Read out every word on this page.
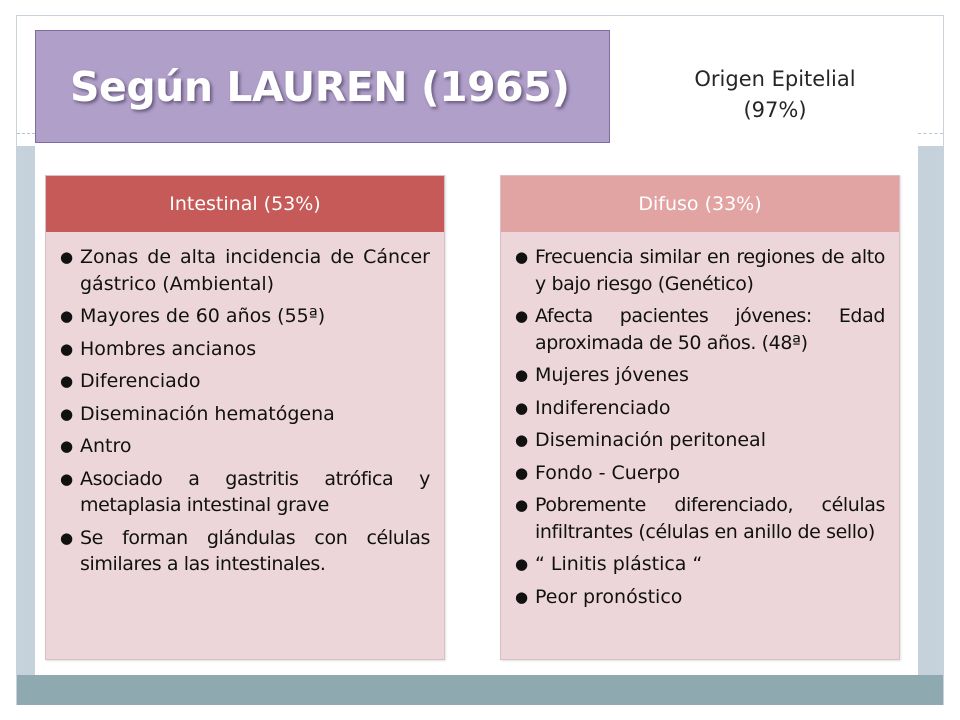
Según LAUREN (1965)	Origen Epitelial
(97%)
Intestinal (53%)
● Zonas de alta incidencia de Cáncer gástrico (Ambiental)
● Mayores de 60 años (55ª)
● Hombres ancianos
● Diferenciado
● Diseminación hematógena
● Antro
● Asociado a gastritis atrófica y metaplasia intestinal grave
● Se forman glándulas con células similares a las intestinales.
Difuso (33%)
● Frecuencia similar en regiones de alto y bajo riesgo (Genético)
● Afecta pacientes jóvenes: Edad aproximada de 50 años. (48ª)
● Mujeres jóvenes
● Indiferenciado
● Diseminación peritoneal
● Fondo - Cuerpo
● Pobremente diferenciado, células infiltrantes (células en anillo de sello)
● “ Linitis plástica “
● Peor pronóstico
